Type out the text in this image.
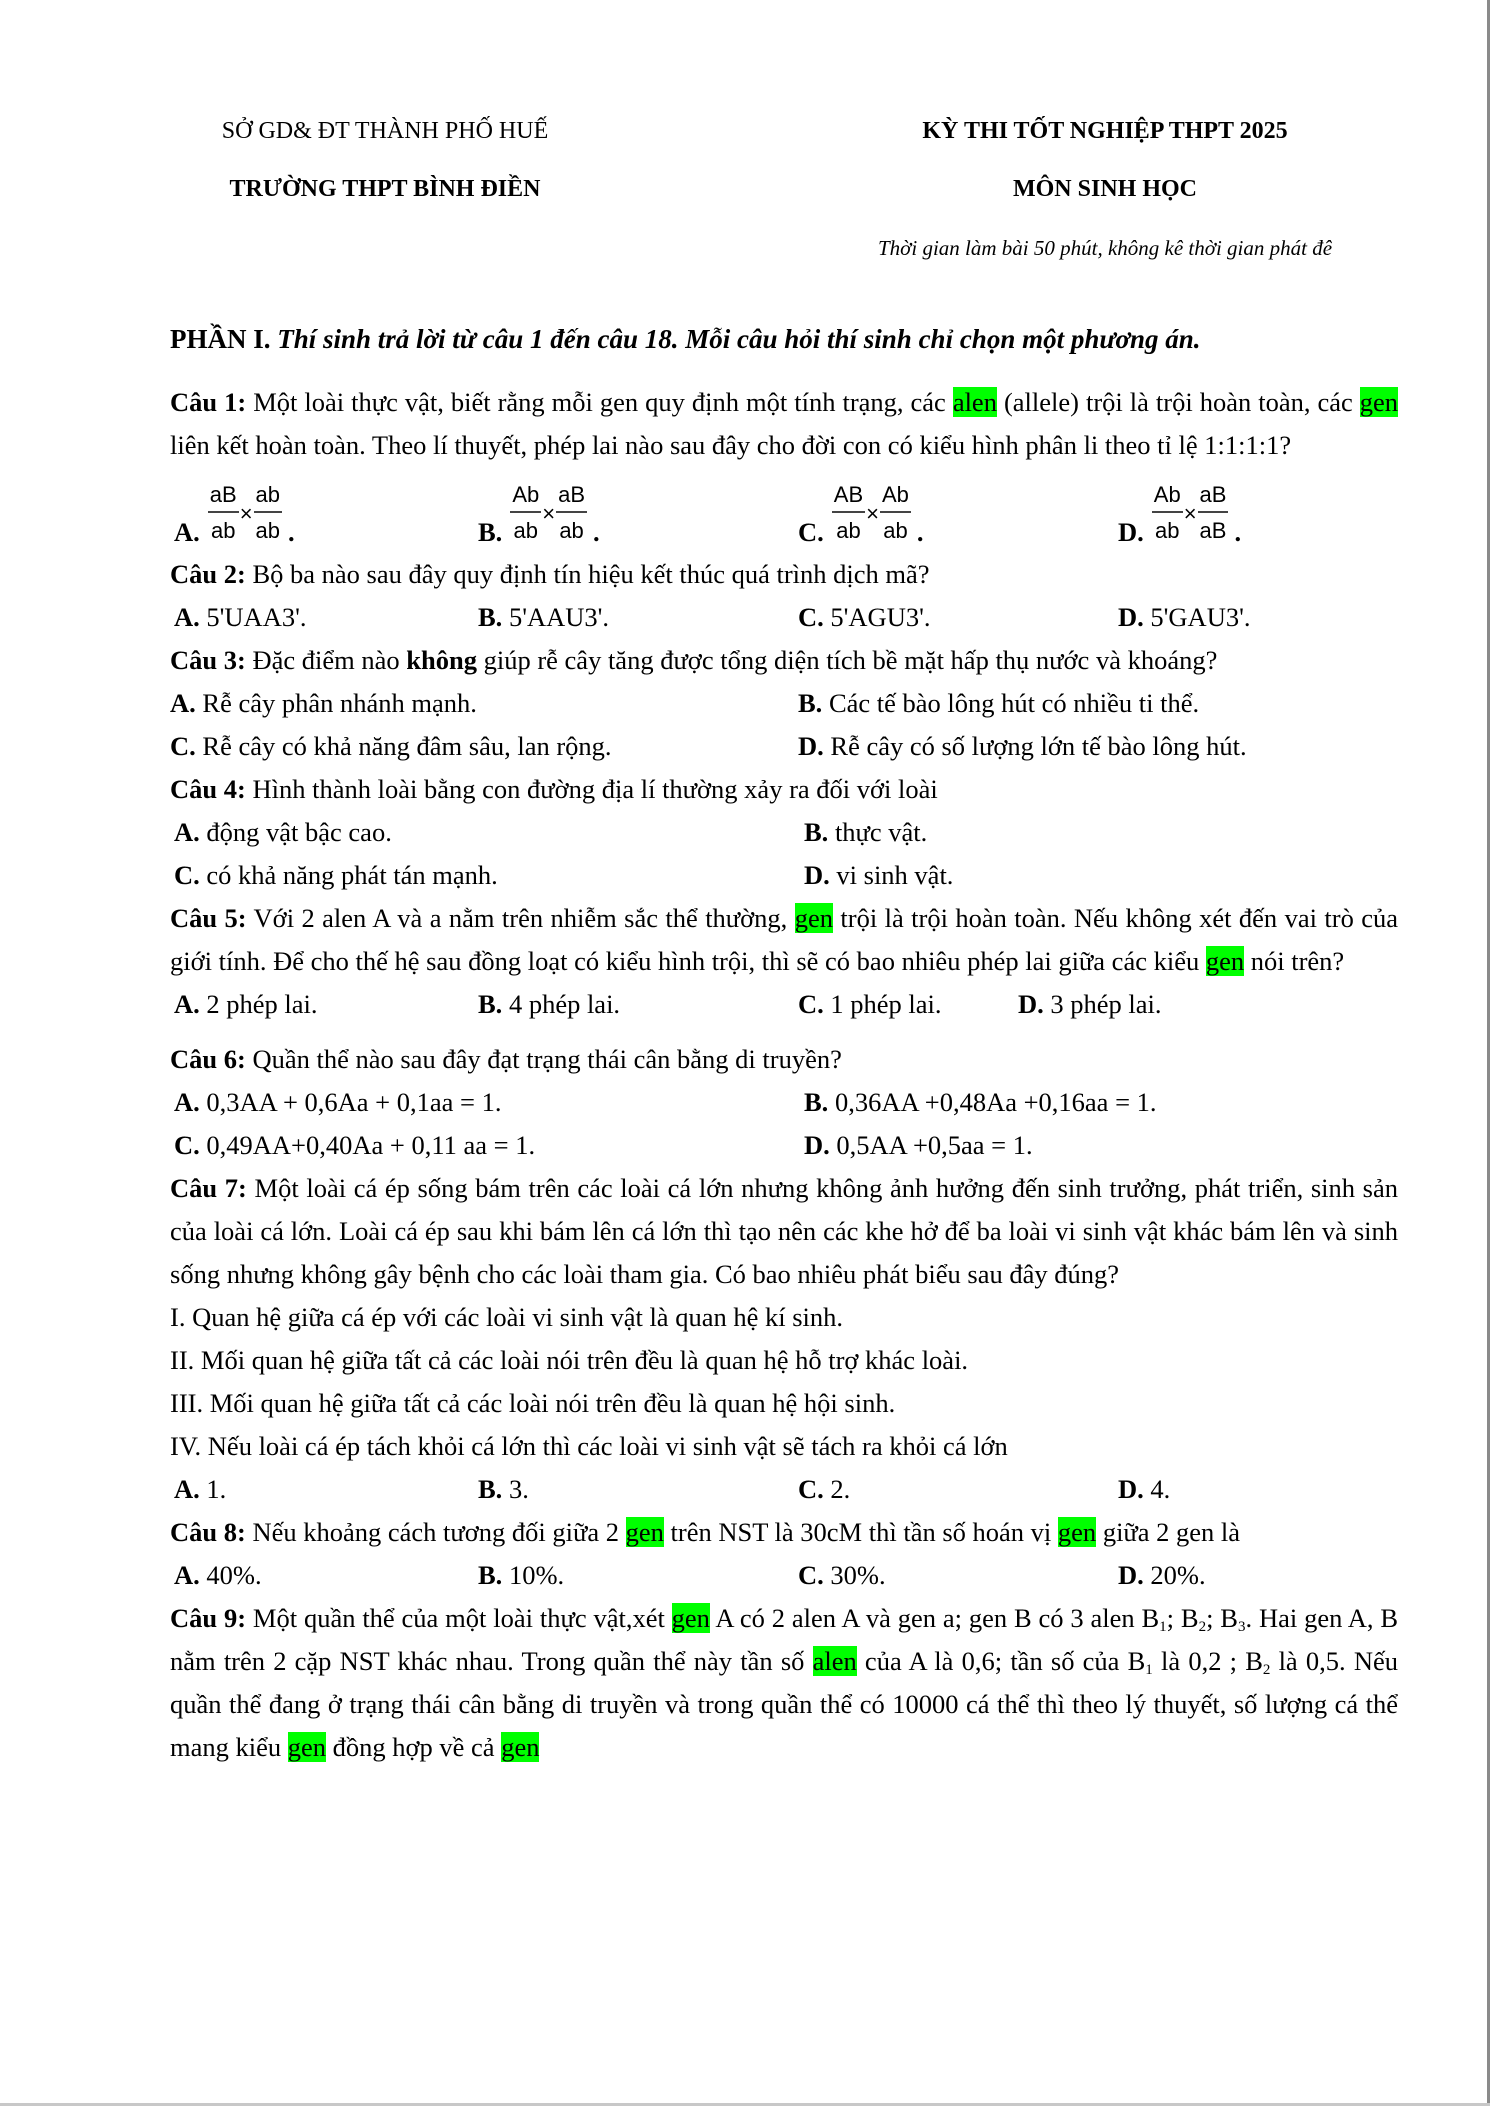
SỞ GD& ĐT THÀNH PHỐ HUẾ
TRƯỜNG THPT BÌNH ĐIỀN
KỲ THI TỐT NGHIỆP THPT 2025
MÔN SINH HỌC
Thời gian làm bài 50 phút, không kê thời gian phát đê
PHẦN I. Thí sinh trả lời từ câu 1 đến câu 18. Mỗi câu hỏi thí sinh chỉ chọn một phương án.
Câu 1: Một loài thực vật, biết rằng mỗi gen quy định một tính trạng, các alen (allele) trội là trội hoàn toàn, các gen liên kết hoàn toàn. Theo lí thuyết, phép lai nào sau đây cho đời con có kiểu hình phân li theo tỉ lệ 1:1:1:1?
A. $\frac{aB}{ab} \times \frac{ab}{ab}$ .	B. $\frac{Ab}{ab} \times \frac{aB}{ab}$ .	C. $\frac{AB}{ab} \times \frac{Ab}{ab}$ .	D. $\frac{Ab}{ab} \times \frac{aB}{aB}$ .
Câu 2: Bộ ba nào sau đây quy định tín hiệu kết thúc quá trình dịch mã?
A. 5'UAA3'.	B. 5'AAU3'.	C. 5'AGU3'.	D. 5'GAU3'.
Câu 3: Đặc điểm nào không giúp rễ cây tăng được tổng diện tích bề mặt hấp thụ nước và khoáng?
A. Rễ cây phân nhánh mạnh.	B. Các tế bào lông hút có nhiều ti thể.
C. Rễ cây có khả năng đâm sâu, lan rộng.	D. Rễ cây có số lượng lớn tế bào lông hút.
Câu 4: Hình thành loài bằng con đường địa lí thường xảy ra đối với loài
A. động vật bậc cao.	B. thực vật.
C. có khả năng phát tán mạnh.	D. vi sinh vật.
Câu 5: Với 2 alen A và a nằm trên nhiễm sắc thể thường, gen trội là trội hoàn toàn. Nếu không xét đến vai trò của giới tính. Để cho thế hệ sau đồng loạt có kiểu hình trội, thì sẽ có bao nhiêu phép lai giữa các kiểu gen nói trên?
A. 2 phép lai.	B. 4 phép lai.	C. 1 phép lai.	D. 3 phép lai.
Câu 6: Quần thể nào sau đây đạt trạng thái cân bằng di truyền?
A. 0,3AA + 0,6Aa + 0,1aa = 1.	B. 0,36AA +0,48Aa +0,16aa = 1.
C. 0,49AA+0,40Aa + 0,11 aa = 1.	D. 0,5AA +0,5aa = 1.
Câu 7: Một loài cá ép sống bám trên các loài cá lớn nhưng không ảnh hưởng đến sinh trưởng, phát triển, sinh sản của loài cá lớn. Loài cá ép sau khi bám lên cá lớn thì tạo nên các khe hở để ba loài vi sinh vật khác bám lên và sinh sống nhưng không gây bệnh cho các loài tham gia. Có bao nhiêu phát biểu sau đây đúng?
I. Quan hệ giữa cá ép với các loài vi sinh vật là quan hệ kí sinh.
II. Mối quan hệ giữa tất cả các loài nói trên đều là quan hệ hỗ trợ khác loài.
III. Mối quan hệ giữa tất cả các loài nói trên đều là quan hệ hội sinh.
IV. Nếu loài cá ép tách khỏi cá lớn thì các loài vi sinh vật sẽ tách ra khỏi cá lớn
A. 1.	B. 3.	C. 2.	D. 4.
Câu 8: Nếu khoảng cách tương đối giữa 2 gen trên NST là 30cM thì tần số hoán vị gen giữa 2 gen là
A. 40%.	B. 10%.	C. 30%.	D. 20%.
Câu 9: Một quần thể của một loài thực vật,xét gen A có 2 alen A và gen a; gen B có 3 alen $B_1$; $B_2$; $B_3$. Hai gen A, B nằm trên 2 cặp NST khác nhau. Trong quần thể này tần số alen của A là 0,6; tần số của $B_1$ là 0,2 ; $B_2$ là 0,5. Nếu quần thể đang ở trạng thái cân bằng di truyền và trong quần thể có 10000 cá thể thì theo lý thuyết, số lượng cá thể mang kiểu gen đồng hợp về cả gen
